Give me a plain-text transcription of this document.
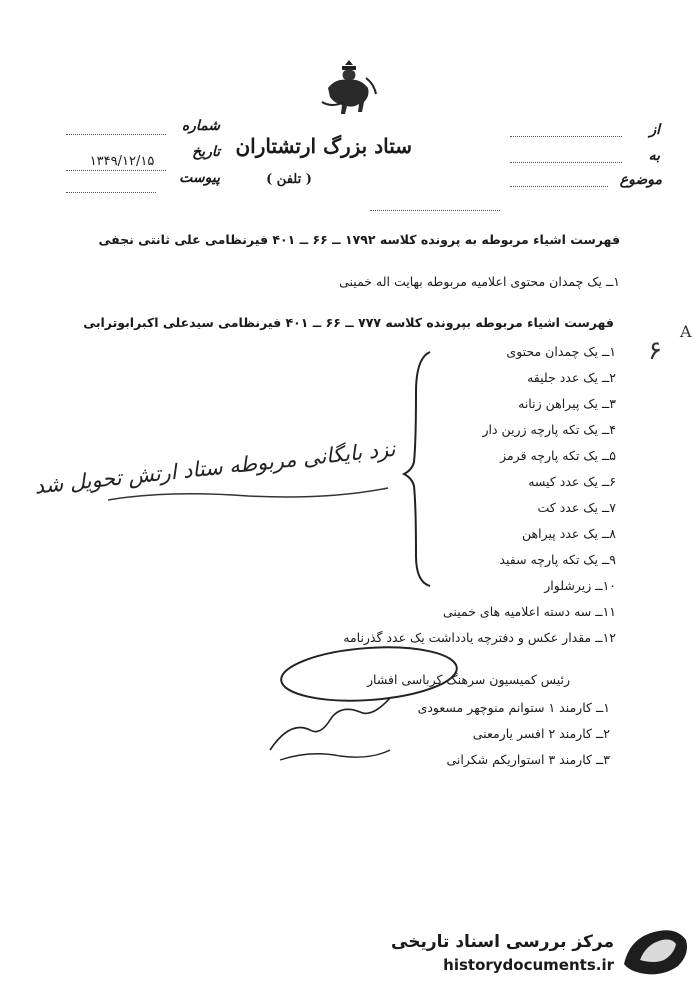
ستاد بزرگ ارتشتاران
( تلفن )
از
به
موضوع
شماره
تاریخ
۱۳۴۹/۱۲/۱۵
پیوست
فهرست اشیاء مربوطه به پرونده کلاسه ۱۷۹۲ ــ ۶۶ ــ ۴۰۱ فیرنظامی علی ثانتی نجفی
۱ــ یک چمدان محتوی اعلامیه مربوطه بهایت اله خمینی
فهرست اشیاء مربوطه بپرونده کلاسه ۷۷۷ ــ ۶۶ ــ ۴۰۱ فیرنظامی سیدعلی اکبرابوترابی
۱ــ یک چمدان محتوی
۲ــ یک عدد جلیقه
۳ــ یک پیراهن زنانه
۴ــ یک تکه پارچه زرین دار
۵ــ یک تکه پارچه قرمز
۶ــ یک عدد کیسه
۷ــ یک عدد کت
۸ــ یک عدد پیراهن
۹ــ یک تکه پارچه سفید
۱۰ــ زیرشلوار
۱۱ــ سه دسته اعلامیه های خمینی
۱۲ــ مقدار عکس و دفترچه یادداشت یک عدد گذرنامه
نزد بایگانی مربوطه ستاد ارتش تحویل شد
رئیس کمیسیون سرهنگ کرباسی افشار
۱ــ کارمند ۱ ستوانم منوچهر مسعودی
۲ــ کارمند ۲ افسر یارمعنی
۳ــ کارمند ۳ استواریکم شکرانی
۶
A
مرکز بررسی اسناد تاریخی
historydocuments.ir
